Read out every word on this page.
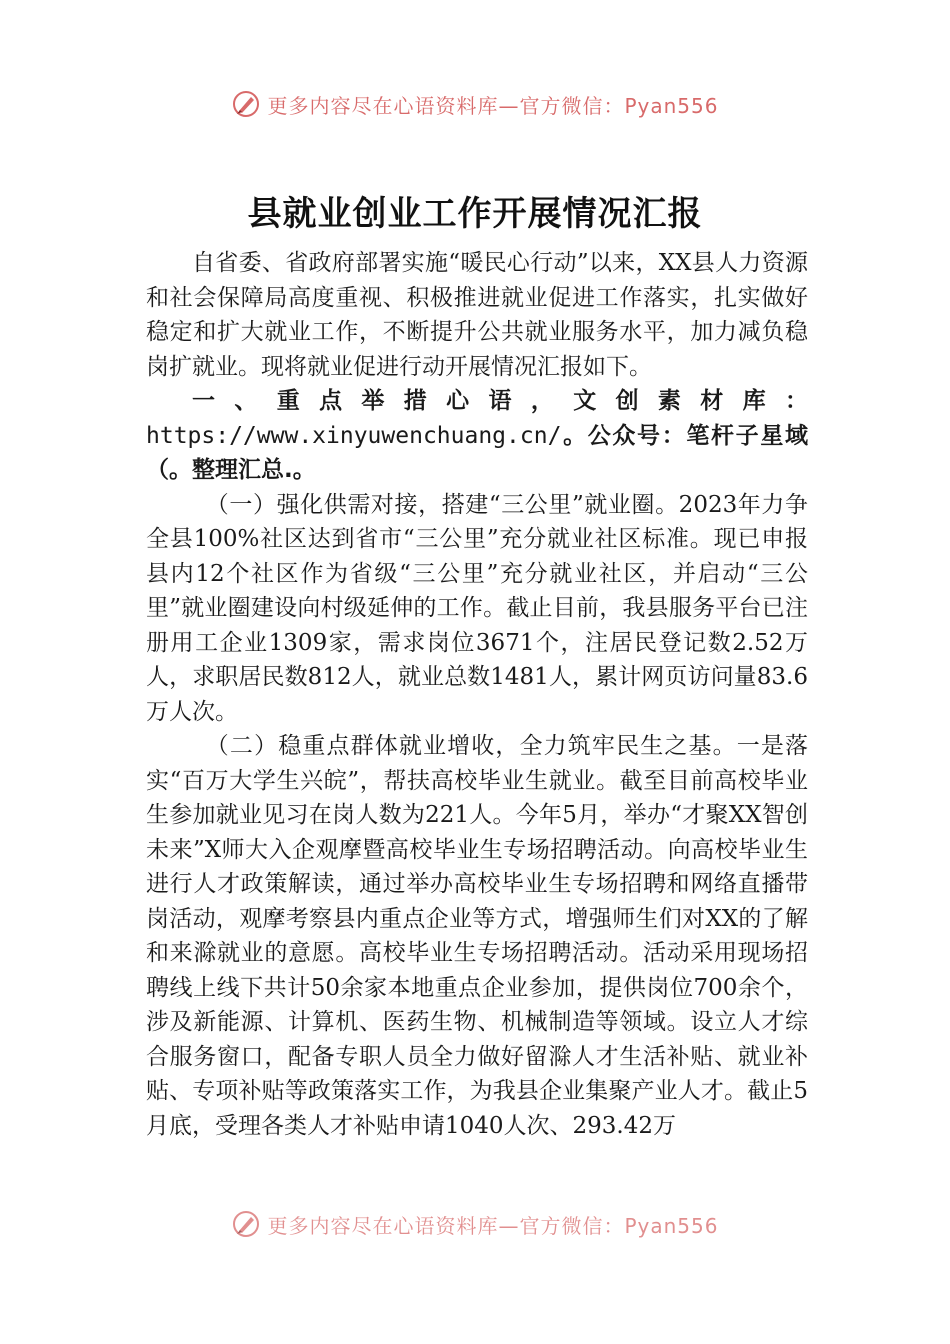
更多内容尽在心语资料库—官方微信：Pyan556
县就业创业工作开展情况汇报

自省委、省政府部署实施“暖民心行动”以来，XX县人力资源和社会保障局高度重视、积极推进就业促进工作落实，扎实做好稳定和扩大就业工作，不断提升公共就业服务水平，加力减负稳岗扩就业。现将就业促进行动开展情况汇报如下。

一、重点举措心语，文创素材库：https://www.xinyuwenchuang.cn/。公众号：笔杆子星域（。整理汇总.。

（一）强化供需对接，搭建“三公里”就业圈。2023年力争全县100%社区达到省市“三公里”充分就业社区标准。现已申报县内12个社区作为省级“三公里”充分就业社区，并启动“三公里”就业圈建设向村级延伸的工作。截止目前，我县服务平台已注册用工企业1309家，需求岗位3671个，注居民登记数2.52万人，求职居民数812人，就业总数1481人，累计网页访问量83.6万人次。

（二）稳重点群体就业增收，全力筑牢民生之基。一是落实“百万大学生兴皖”，帮扶高校毕业生就业。截至目前高校毕业生参加就业见习在岗人数为221人。今年5月，举办“才聚XX智创未来”X师大入企观摩暨高校毕业生专场招聘活动。向高校毕业生进行人才政策解读，通过举办高校毕业生专场招聘和网络直播带岗活动，观摩考察县内重点企业等方式，增强师生们对XX的了解和来滁就业的意愿。高校毕业生专场招聘活动。活动采用现场招聘线上线下共计50余家本地重点企业参加，提供岗位700余个，涉及新能源、计算机、医药生物、机械制造等领域。设立人才综合服务窗口，配备专职人员全力做好留滁人才生活补贴、就业补贴、专项补贴等政策落实工作，为我县企业集聚产业人才。截止5月底，受理各类人才补贴申请1040人次、293.42万

更多内容尽在心语资料库—官方微信：Pyan556
